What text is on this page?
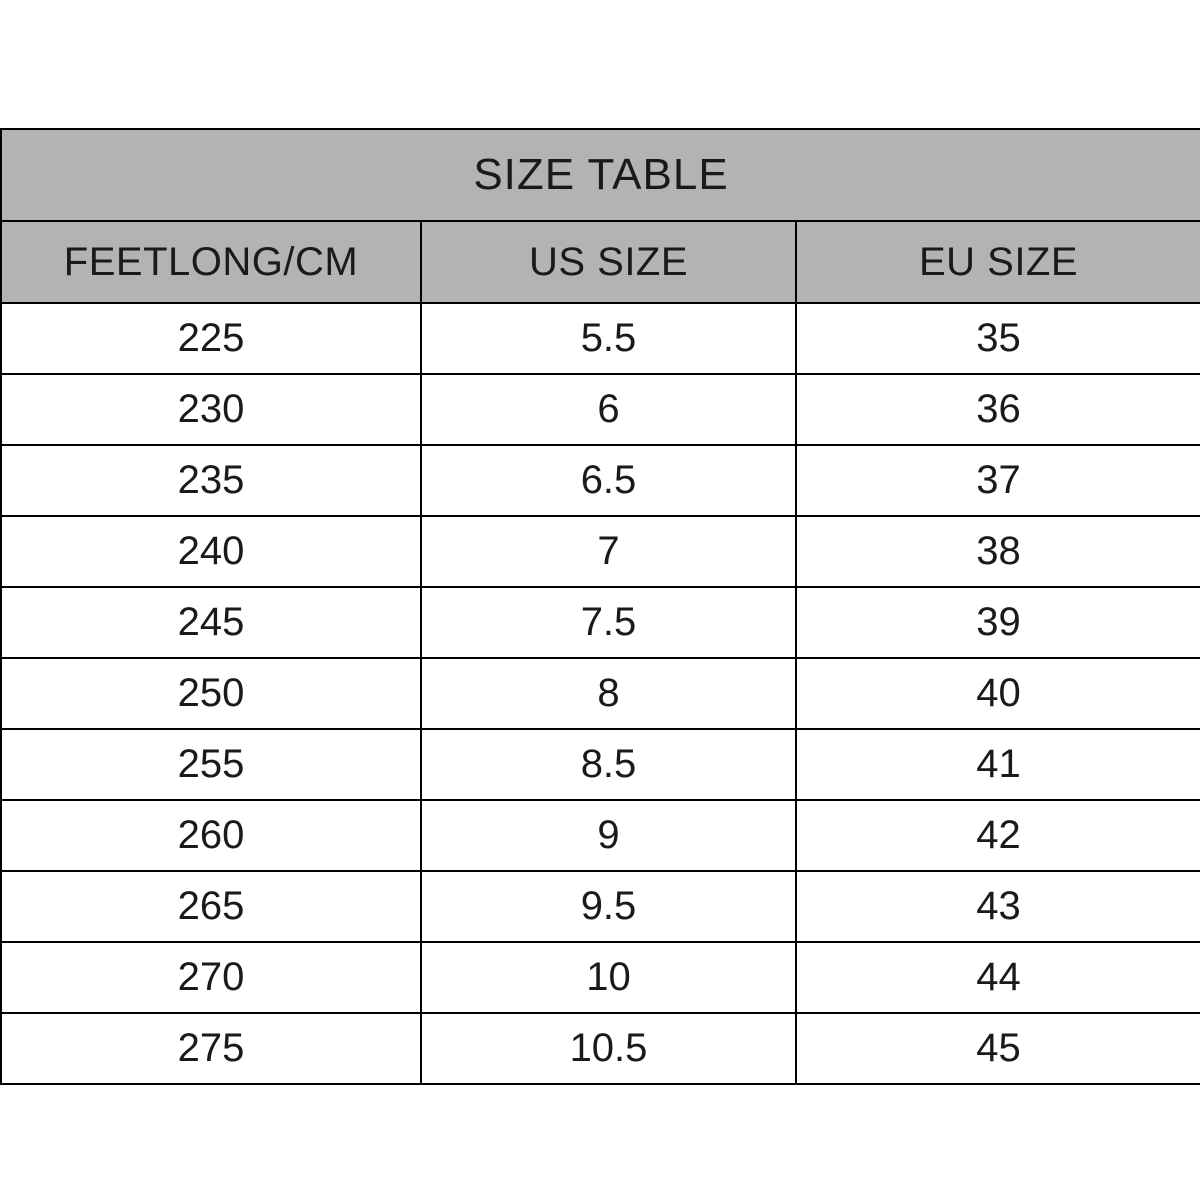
SIZE TABLE		
FEETLONG/CM	US SIZE	EU SIZE
225	5.5	35
230	6	36
235	6.5	37
240	7	38
245	7.5	39
250	8	40
255	8.5	41
260	9	42
265	9.5	43
270	10	44
275	10.5	45
